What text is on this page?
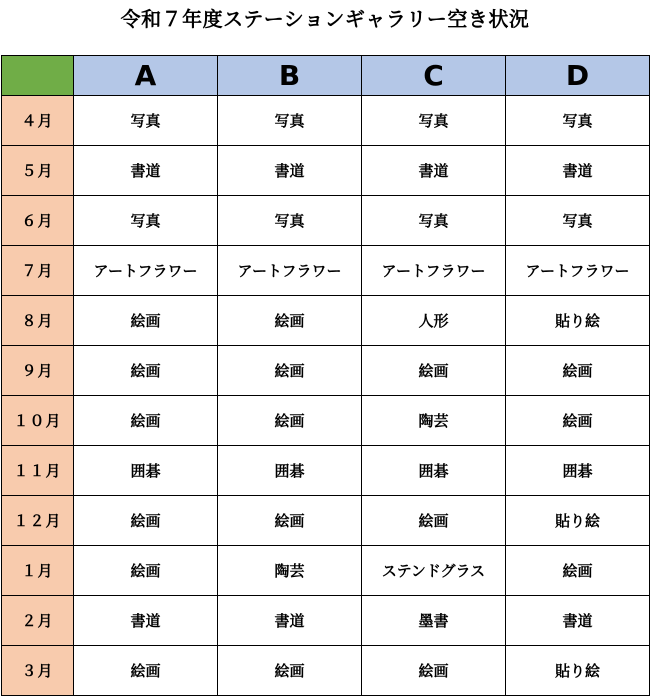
令和７年度ステーションギャラリー空き状況
	A	B	C	D
４月	写真	写真	写真	写真
５月	書道	書道	書道	書道
６月	写真	写真	写真	写真
７月	アートフラワー	アートフラワー	アートフラワー	アートフラワー
８月	絵画	絵画	人形	貼り絵
９月	絵画	絵画	絵画	絵画
１０月	絵画	絵画	陶芸	絵画
１１月	囲碁	囲碁	囲碁	囲碁
１２月	絵画	絵画	絵画	貼り絵
１月	絵画	陶芸	ステンドグラス	絵画
２月	書道	書道	墨書	書道
３月	絵画	絵画	絵画	貼り絵
